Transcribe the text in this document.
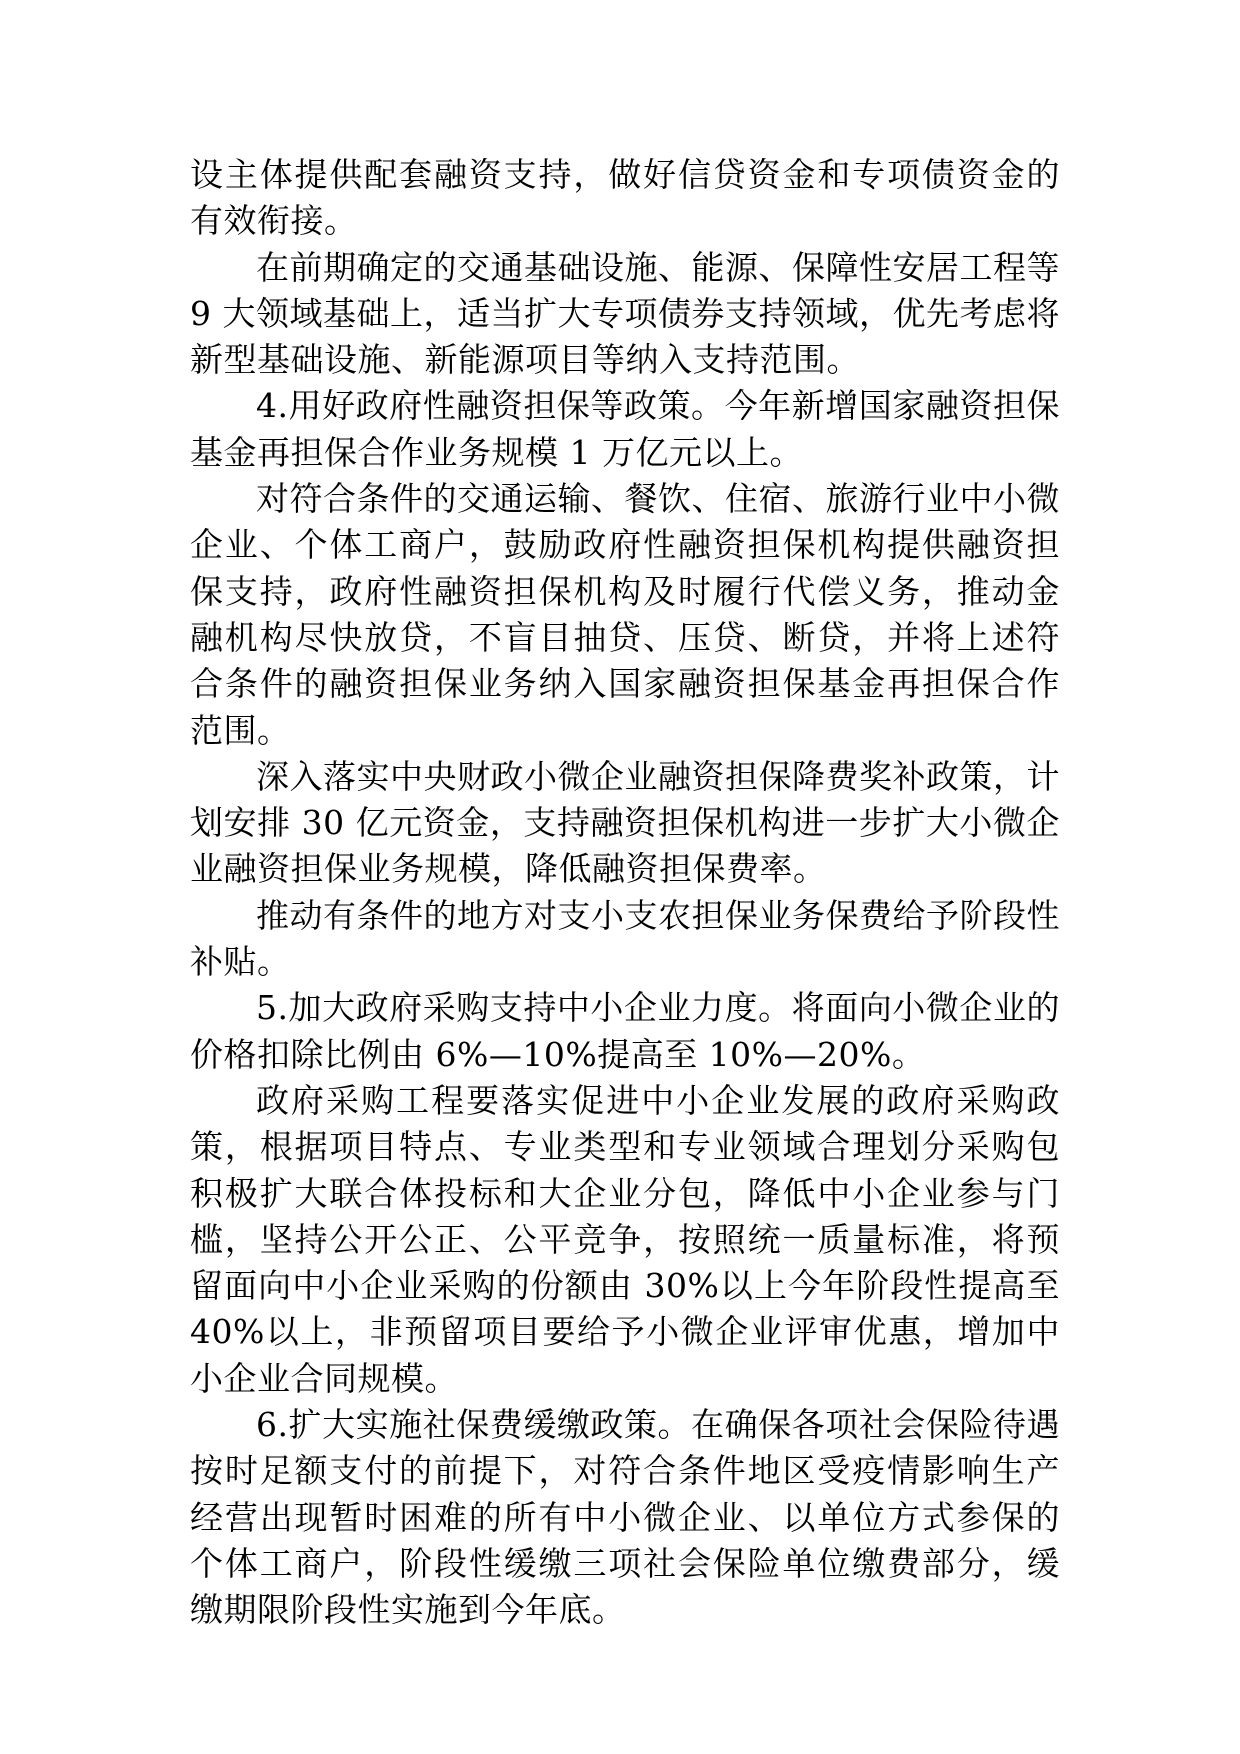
设主体提供配套融资支持，做好信贷资金和专项债资金的有效衔接。

在前期确定的交通基础设施、能源、保障性安居工程等 9 大领域基础上，适当扩大专项债券支持领域，优先考虑将新型基础设施、新能源项目等纳入支持范围。

4.用好政府性融资担保等政策。今年新增国家融资担保基金再担保合作业务规模 1 万亿元以上。

对符合条件的交通运输、餐饮、住宿、旅游行业中小微企业、个体工商户，鼓励政府性融资担保机构提供融资担保支持，政府性融资担保机构及时履行代偿义务，推动金融机构尽快放贷，不盲目抽贷、压贷、断贷，并将上述符合条件的融资担保业务纳入国家融资担保基金再担保合作范围。

深入落实中央财政小微企业融资担保降费奖补政策，计划安排 30 亿元资金，支持融资担保机构进一步扩大小微企业融资担保业务规模，降低融资担保费率。

推动有条件的地方对支小支农担保业务保费给予阶段性补贴。

5.加大政府采购支持中小企业力度。将面向小微企业的价格扣除比例由 6%—10%提高至 10%—20%。

政府采购工程要落实促进中小企业发展的政府采购政策，根据项目特点、专业类型和专业领域合理划分采购包积极扩大联合体投标和大企业分包，降低中小企业参与门槛，坚持公开公正、公平竞争，按照统一质量标准，将预留面向中小企业采购的份额由 30%以上今年阶段性提高至 40%以上，非预留项目要给予小微企业评审优惠，增加中小企业合同规模。

6.扩大实施社保费缓缴政策。在确保各项社会保险待遇按时足额支付的前提下，对符合条件地区受疫情影响生产经营出现暂时困难的所有中小微企业、以单位方式参保的个体工商户，阶段性缓缴三项社会保险单位缴费部分，缓缴期限阶段性实施到今年底。
